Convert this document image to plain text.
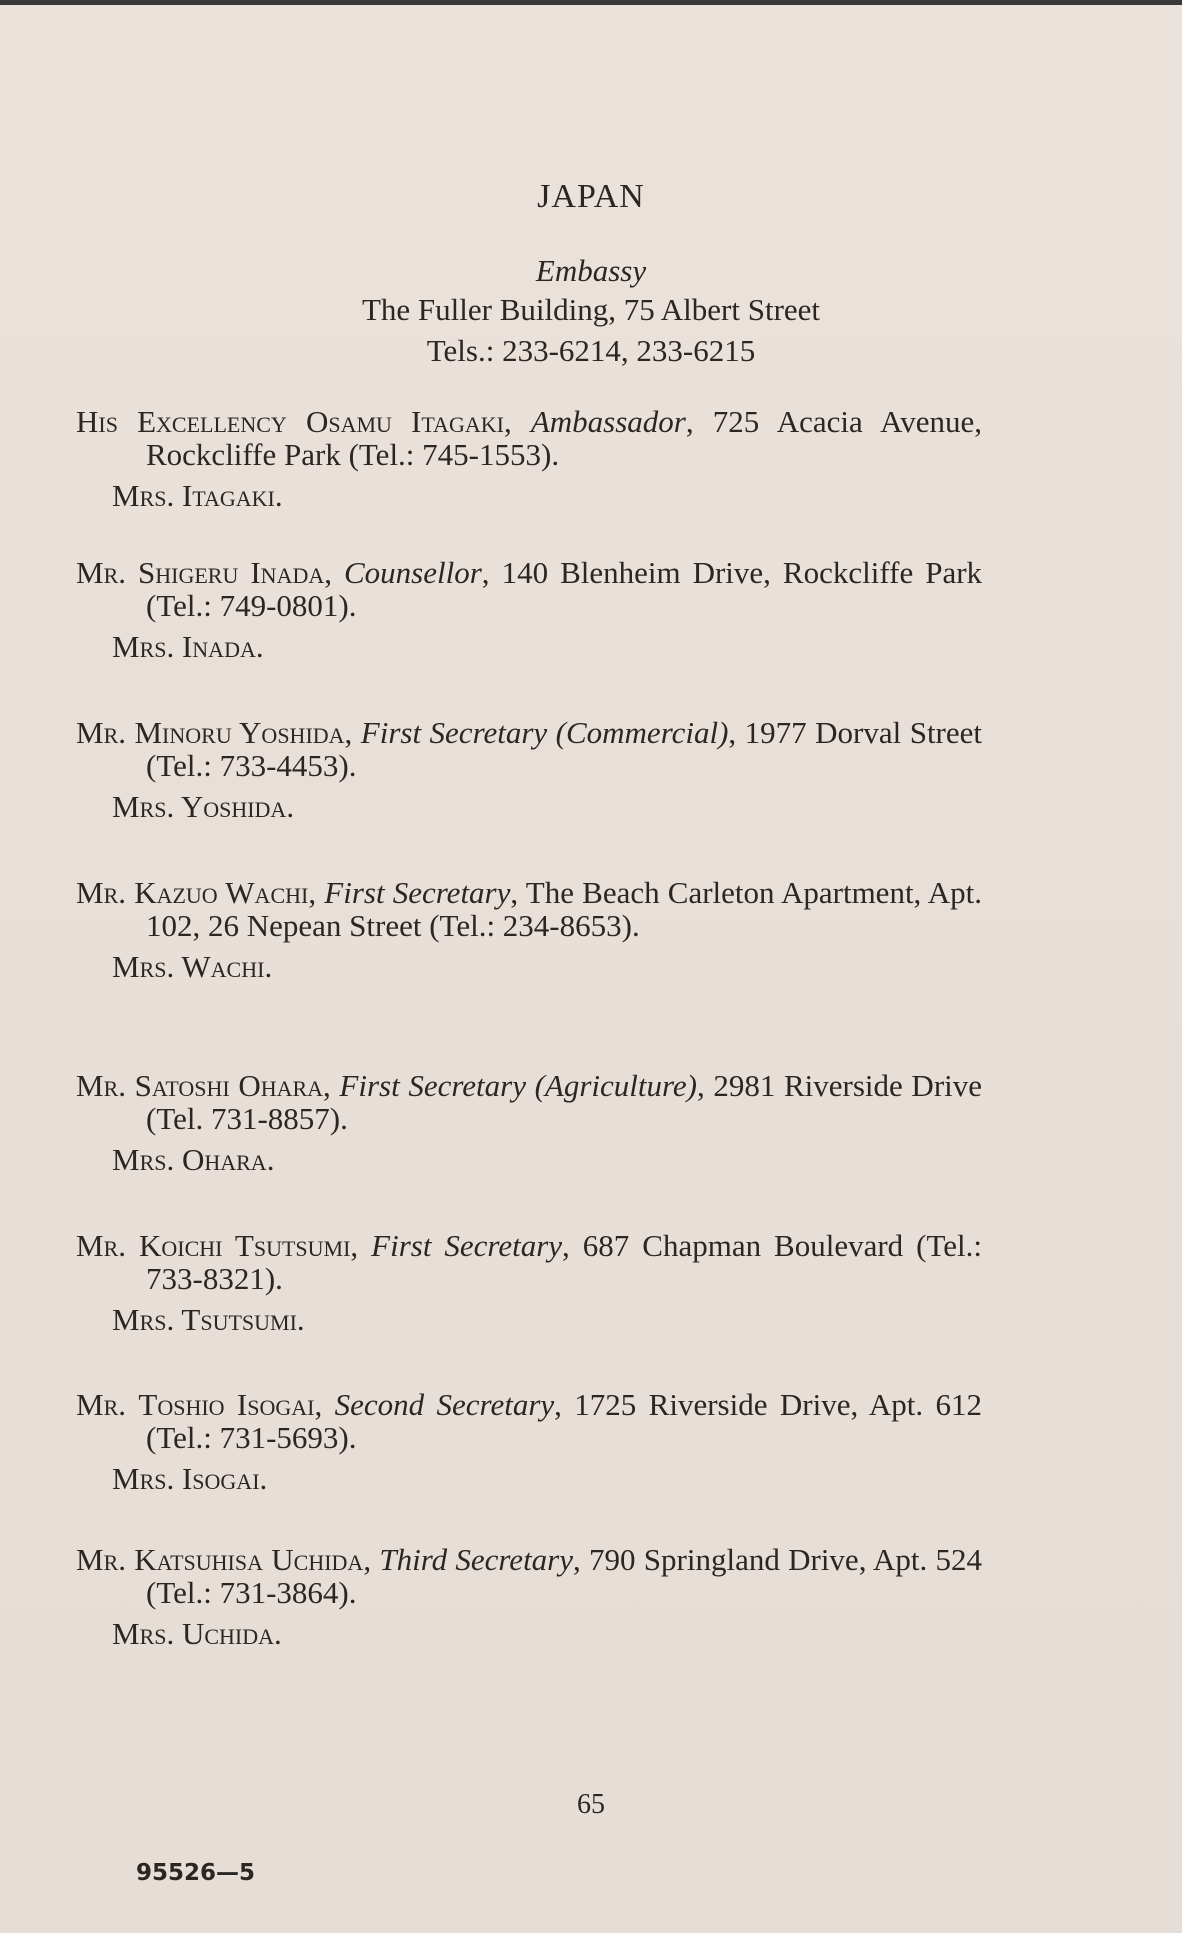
JAPAN
Embassy
The Fuller Building, 75 Albert Street
Tels.: 233-6214, 233-6215
His Excellency Osamu Itagaki, Ambassador, 725 Acacia Avenue, Rockcliffe Park (Tel.: 745-1553).
Mrs. Itagaki.
Mr. Shigeru Inada, Counsellor, 140 Blenheim Drive, Rockcliffe Park (Tel.: 749-0801).
Mrs. Inada.
Mr. Minoru Yoshida, First Secretary (Commercial), 1977 Dorval Street (Tel.: 733-4453).
Mrs. Yoshida.
Mr. Kazuo Wachi, First Secretary, The Beach Carleton Apartment, Apt. 102, 26 Nepean Street (Tel.: 234-8653).
Mrs. Wachi.
Mr. Satoshi Ohara, First Secretary (Agriculture), 2981 Riverside Drive (Tel. 731-8857).
Mrs. Ohara.
Mr. Koichi Tsutsumi, First Secretary, 687 Chapman Boulevard (Tel.: 733-8321).
Mrs. Tsutsumi.
Mr. Toshio Isogai, Second Secretary, 1725 Riverside Drive, Apt. 612 (Tel.: 731-5693).
Mrs. Isogai.
Mr. Katsuhisa Uchida, Third Secretary, 790 Springland Drive, Apt. 524 (Tel.: 731-3864).
Mrs. Uchida.
65
95526—5
